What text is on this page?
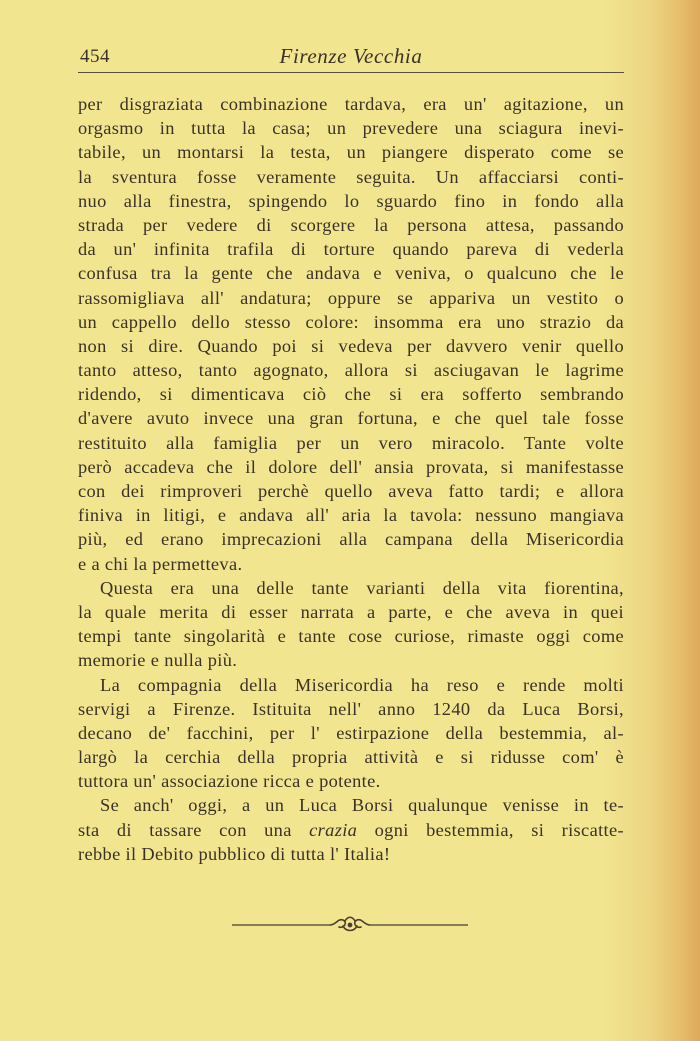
454	Firenze Vecchia

per disgraziata combinazione tardava, era un' agitazione, un
orgasmo in tutta la casa; un prevedere una sciagura inevi-
tabile, un montarsi la testa, un piangere disperato come se
la sventura fosse veramente seguita. Un affacciarsi conti-
nuo alla finestra, spingendo lo sguardo fino in fondo alla
strada per vedere di scorgere la persona attesa, passando
da un' infinita trafila di torture quando pareva di vederla
confusa tra la gente che andava e veniva, o qualcuno che le
rassomigliava all' andatura; oppure se appariva un vestito o
un cappello dello stesso colore: insomma era uno strazio da
non si dire. Quando poi si vedeva per davvero venir quello
tanto atteso, tanto agognato, allora si asciugavan le lagrime
ridendo, si dimenticava ciò che si era sofferto sembrando
d'avere avuto invece una gran fortuna, e che quel tale fosse
restituito alla famiglia per un vero miracolo. Tante volte
però accadeva che il dolore dell' ansia provata, si manifestasse
con dei rimproveri perchè quello aveva fatto tardi; e allora
finiva in litigi, e andava all' aria la tavola: nessuno mangiava
più, ed erano imprecazioni alla campana della Misericordia
e a chi la permetteva.

Questa era una delle tante varianti della vita fiorentina,
la quale merita di esser narrata a parte, e che aveva in quei
tempi tante singolarità e tante cose curiose, rimaste oggi come
memorie e nulla più.

La compagnia della Misericordia ha reso e rende molti
servigi a Firenze. Istituita nell' anno 1240 da Luca Borsi,
decano de' facchini, per l' estirpazione della bestemmia, al-
largò la cerchia della propria attività e si ridusse com' è
tuttora un' associazione ricca e potente.

Se anch' oggi, a un Luca Borsi qualunque venisse in te-
sta di tassare con una crazia ogni bestemmia, si riscatte-
rebbe il Debito pubblico di tutta l' Italia!
